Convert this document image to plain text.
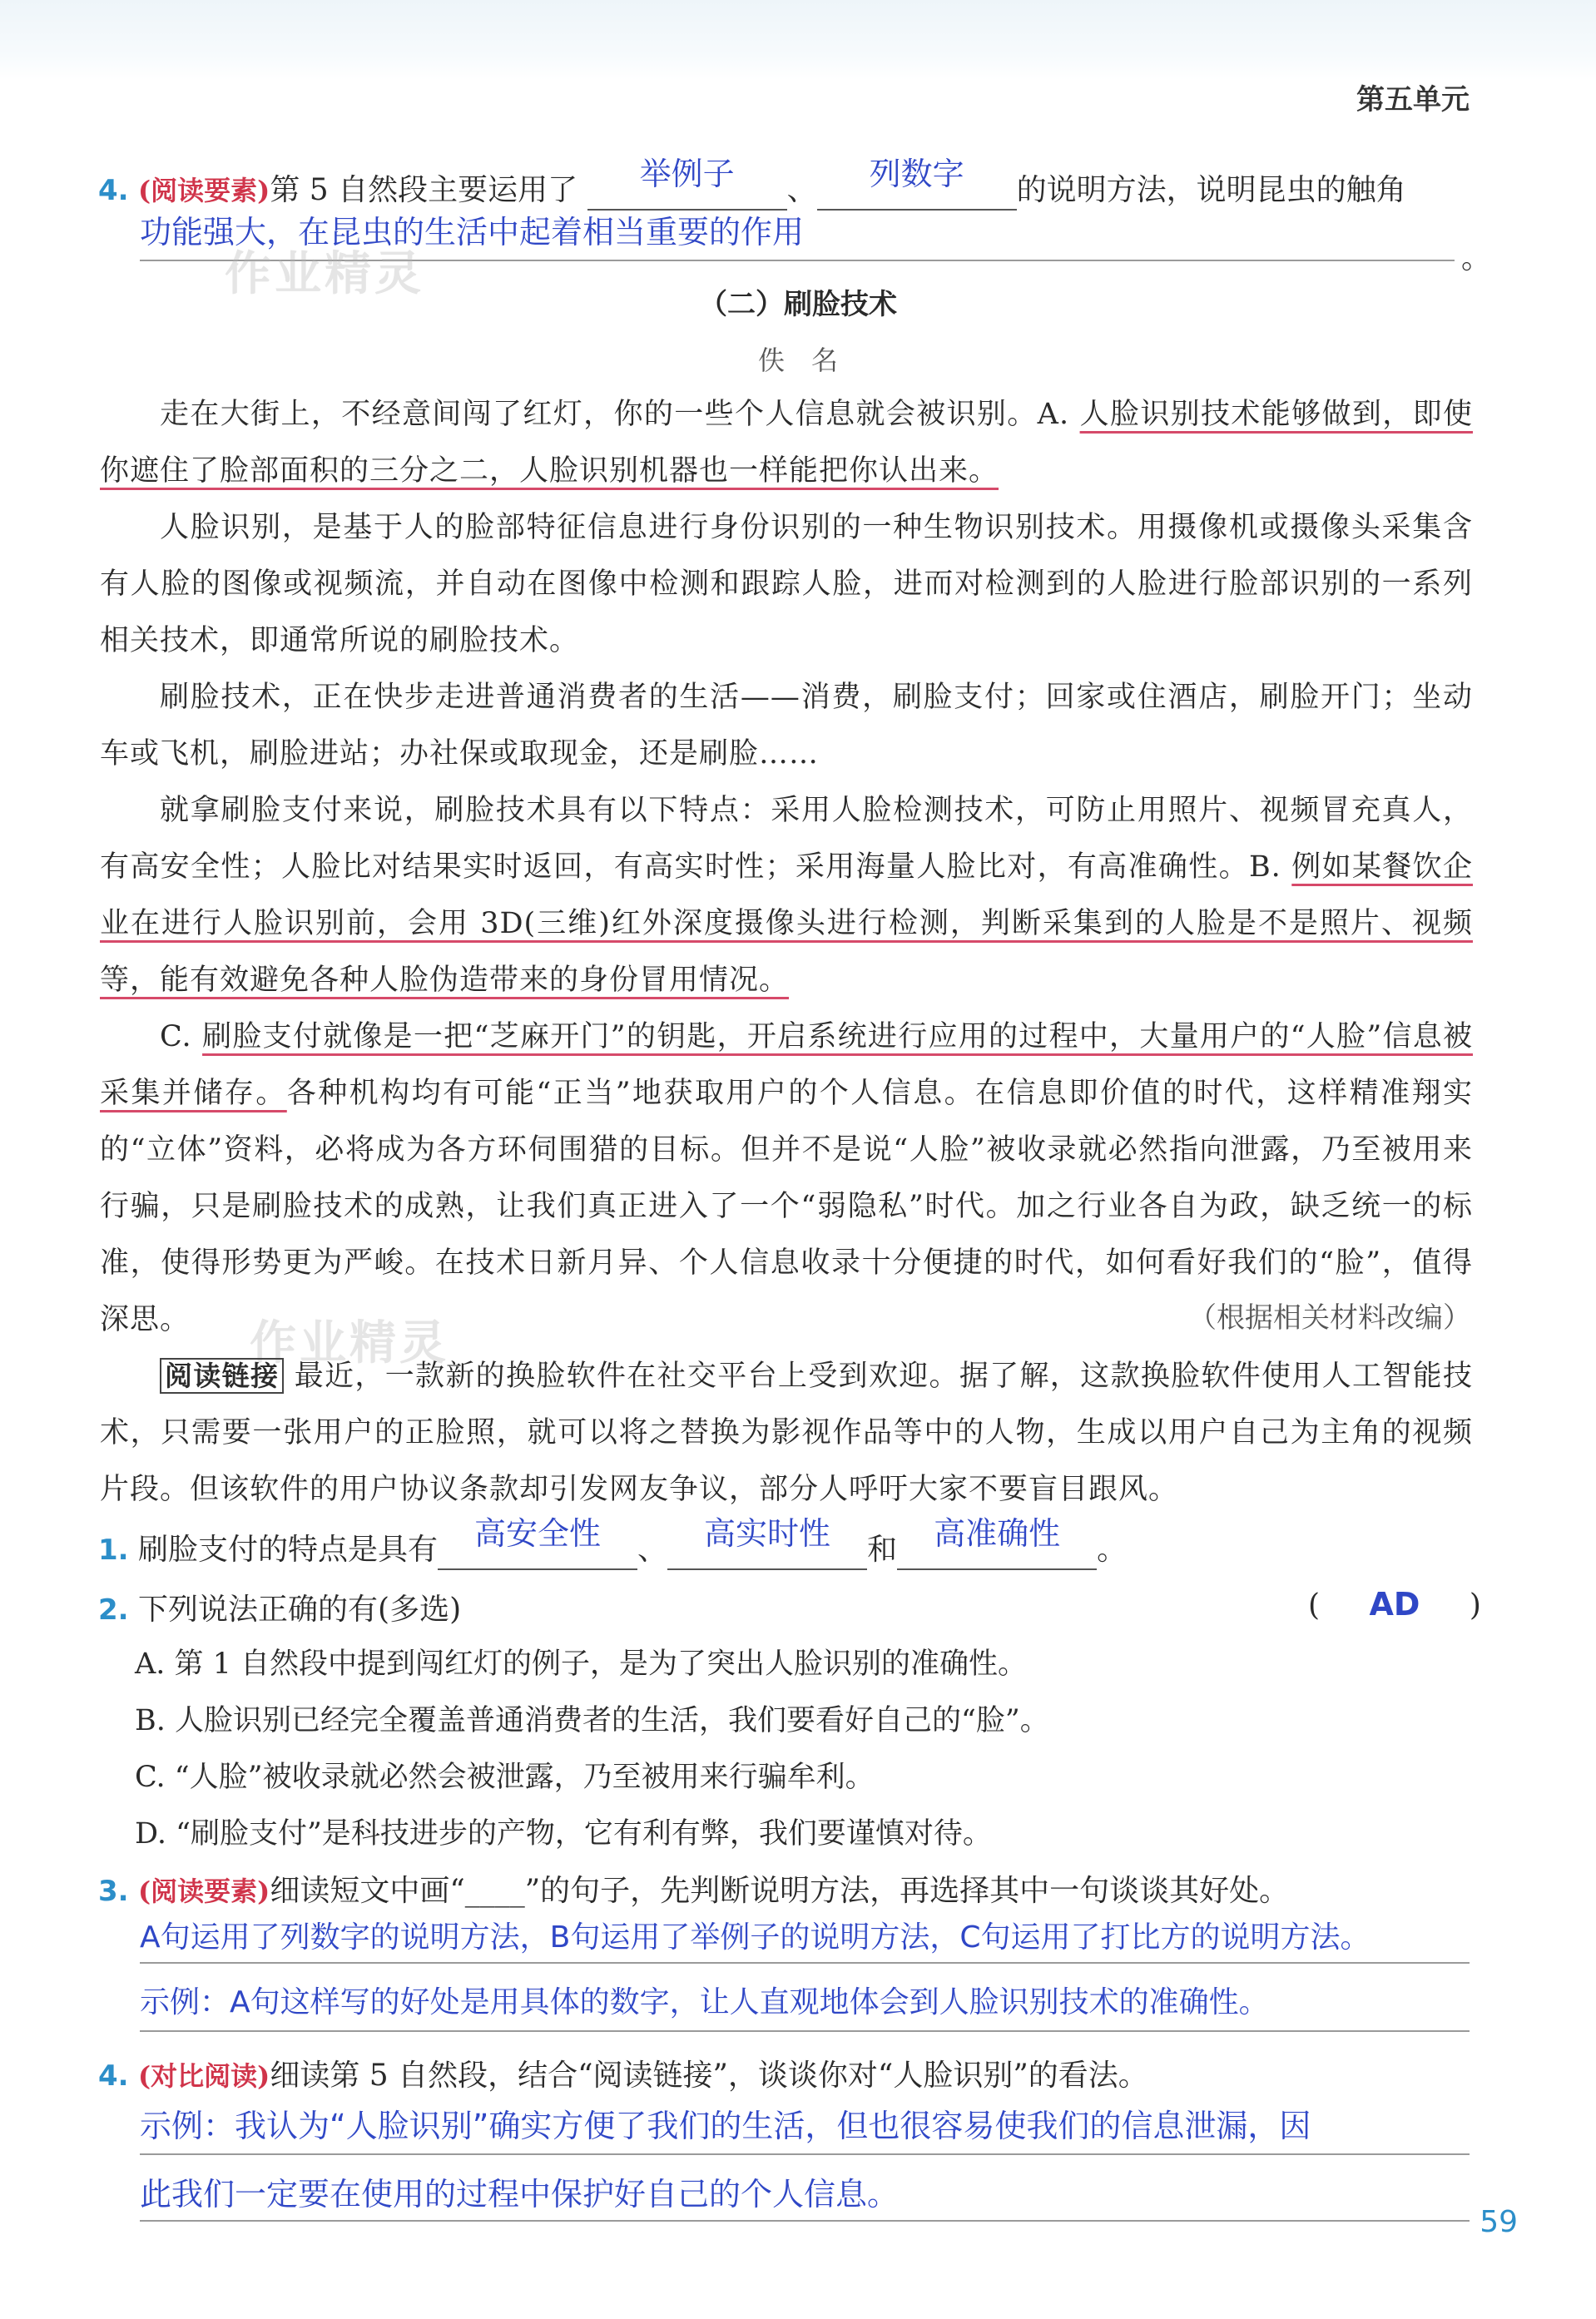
第五单元
4. (阅读要素)第 5 自然段主要运用了 举例子 、 列数字 的说明方法，说明昆虫的触角
功能强大，在昆虫的生活中起着相当重要的作用
。
作业精灵
（二）刷脸技术
佚　名
走在大街上，不经意间闯了红灯，你的一些个人信息就会被识别。A. 人脸识别技术能够做到，即使你遮住了脸部面积的三分之二，人脸识别机器也一样能把你认出来。
人脸识别，是基于人的脸部特征信息进行身份识别的一种生物识别技术。用摄像机或摄像头采集含有人脸的图像或视频流，并自动在图像中检测和跟踪人脸，进而对检测到的人脸进行脸部识别的一系列相关技术，即通常所说的刷脸技术。
刷脸技术，正在快步走进普通消费者的生活——消费，刷脸支付；回家或住酒店，刷脸开门；坐动车或飞机，刷脸进站；办社保或取现金，还是刷脸……
就拿刷脸支付来说，刷脸技术具有以下特点：采用人脸检测技术，可防止用照片、视频冒充真人，有高安全性；人脸比对结果实时返回，有高实时性；采用海量人脸比对，有高准确性。B. 例如某餐饮企业在进行人脸识别前，会用 3D(三维)红外深度摄像头进行检测，判断采集到的人脸是不是照片、视频等，能有效避免各种人脸伪造带来的身份冒用情况。
C. 刷脸支付就像是一把“芝麻开门”的钥匙，开启系统进行应用的过程中，大量用户的“人脸”信息被采集并储存。各种机构均有可能“正当”地获取用户的个人信息。在信息即价值的时代，这样精准翔实的“立体”资料，必将成为各方环伺围猎的目标。但并不是说“人脸”被收录就必然指向泄露，乃至被用来行骗，只是刷脸技术的成熟，让我们真正进入了一个“弱隐私”时代。加之行业各自为政，缺乏统一的标准，使得形势更为严峻。在技术日新月异、个人信息收录十分便捷的时代，如何看好我们的“脸”，值得深思。	（根据相关材料改编）
作业精灵
阅读链接 最近，一款新的换脸软件在社交平台上受到欢迎。据了解，这款换脸软件使用人工智能技术，只需要一张用户的正脸照，就可以将之替换为影视作品等中的人物，生成以用户自己为主角的视频片段。但该软件的用户协议条款却引发网友争议，部分人呼吁大家不要盲目跟风。
1. 刷脸支付的特点是具有 高安全性 、 高实时性 和 高准确性 。
2. 下列说法正确的有(多选)	( AD )
A. 第 1 自然段中提到闯红灯的例子，是为了突出人脸识别的准确性。
B. 人脸识别已经完全覆盖普通消费者的生活，我们要看好自己的“脸”。
C. “人脸”被收录就必然会被泄露，乃至被用来行骗牟利。
D. “刷脸支付”是科技进步的产物，它有利有弊，我们要谨慎对待。
3. (阅读要素)细读短文中画“____”的句子，先判断说明方法，再选择其中一句谈谈其好处。
A句运用了列数字的说明方法，B句运用了举例子的说明方法，C句运用了打比方的说明方法。
示例：A句这样写的好处是用具体的数字，让人直观地体会到人脸识别技术的准确性。
4. (对比阅读)细读第 5 自然段，结合“阅读链接”，谈谈你对“人脸识别”的看法。
示例：我认为“人脸识别”确实方便了我们的生活，但也很容易使我们的信息泄漏，因
此我们一定要在使用的过程中保护好自己的个人信息。
59
